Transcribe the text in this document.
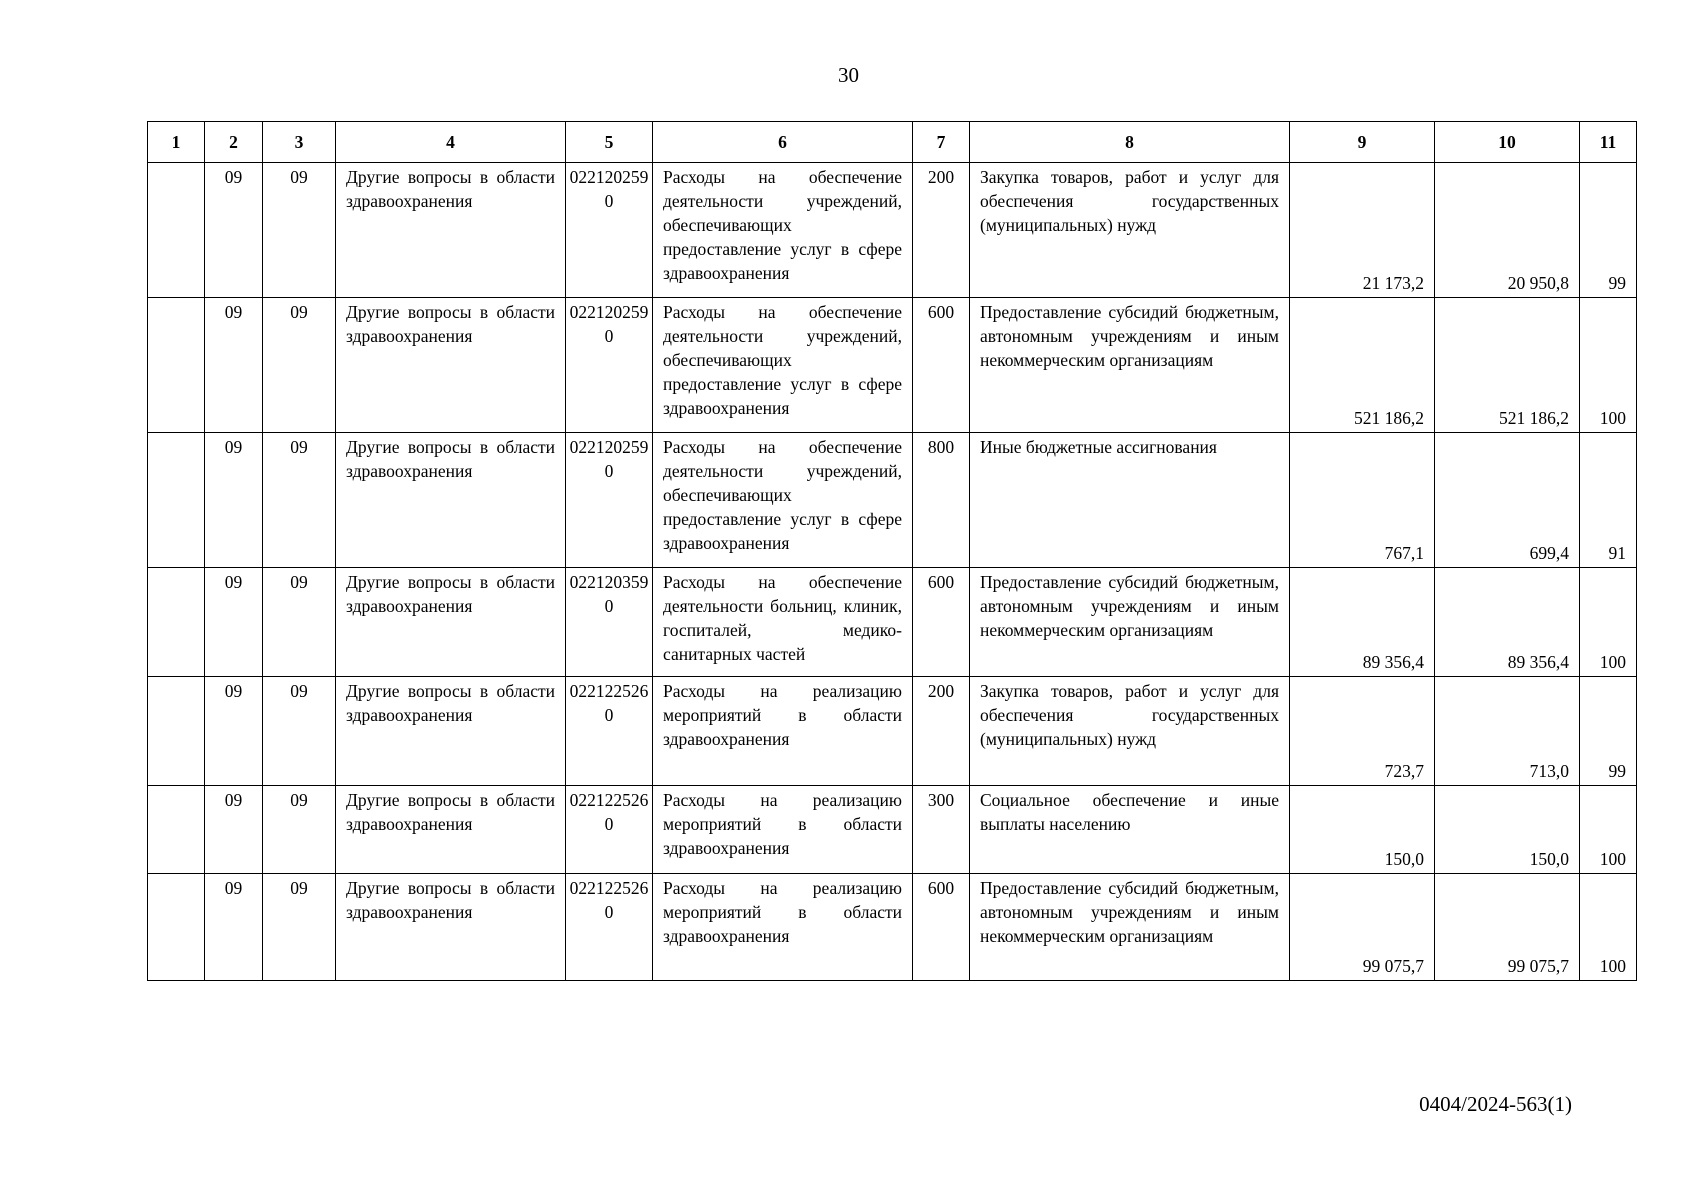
30
1	2	3	4	5	6	7	8	9	10	11
	09	09	Другие вопросы в области здравоохранения	0221202590	Расходы на обеспечение деятельности учреждений, обеспечивающих предоставление услуг в сфере здравоохранения	200	Закупка товаров, работ и услуг для обеспечения государственных (муниципальных) нужд	21 173,2	20 950,8	99
	09	09	Другие вопросы в области здравоохранения	0221202590	Расходы на обеспечение деятельности учреждений, обеспечивающих предоставление услуг в сфере здравоохранения	600	Предоставление субсидий бюджетным, автономным учреждениям и иным некоммерческим организациям	521 186,2	521 186,2	100
	09	09	Другие вопросы в области здравоохранения	0221202590	Расходы на обеспечение деятельности учреждений, обеспечивающих предоставление услуг в сфере здравоохранения	800	Иные бюджетные ассигнования	767,1	699,4	91
	09	09	Другие вопросы в области здравоохранения	0221203590	Расходы на обеспечение деятельности больниц, клиник, госпиталей, медико-санитарных частей	600	Предоставление субсидий бюджетным, автономным учреждениям и иным некоммерческим организациям	89 356,4	89 356,4	100
	09	09	Другие вопросы в области здравоохранения	0221225260	Расходы на реализацию мероприятий в области здравоохранения	200	Закупка товаров, работ и услуг для обеспечения государственных (муниципальных) нужд	723,7	713,0	99
	09	09	Другие вопросы в области здравоохранения	0221225260	Расходы на реализацию мероприятий в области здравоохранения	300	Социальное обеспечение и иные выплаты населению	150,0	150,0	100
	09	09	Другие вопросы в области здравоохранения	0221225260	Расходы на реализацию мероприятий в области здравоохранения	600	Предоставление субсидий бюджетным, автономным учреждениям и иным некоммерческим организациям	99 075,7	99 075,7	100
0404/2024-563(1)
